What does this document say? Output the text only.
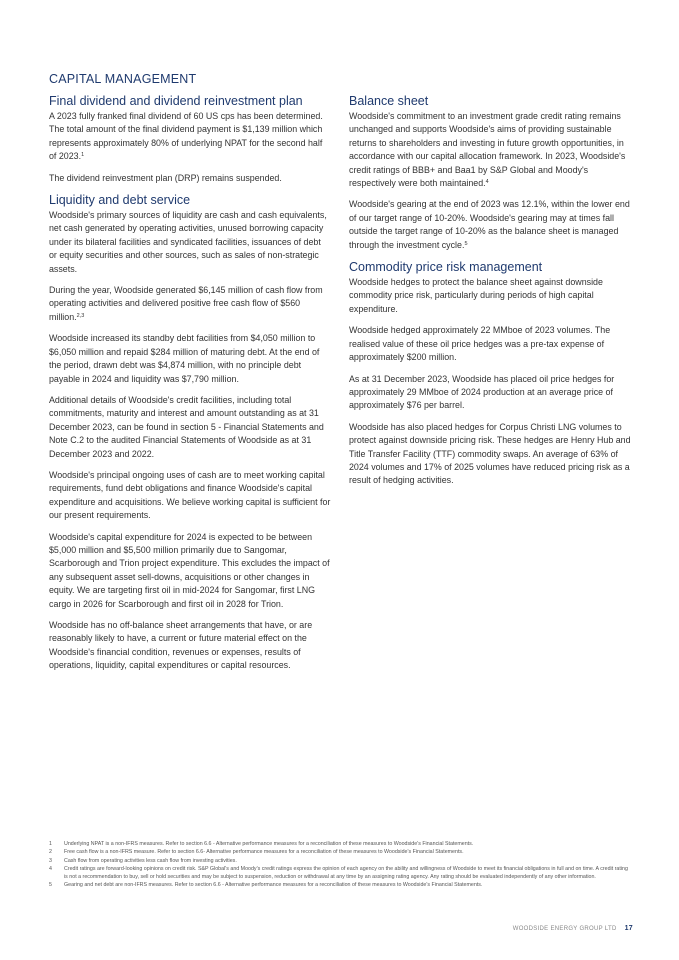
CAPITAL MANAGEMENT
Final dividend and dividend reinvestment plan

A 2023 fully franked final dividend of 60 US cps has been determined. The total amount of the final dividend payment is $1,139 million which represents approximately 80% of underlying NPAT for the second half of 2023.$^1$

The dividend reinvestment plan (DRP) remains suspended.

Liquidity and debt service

Woodside's primary sources of liquidity are cash and cash equivalents, net cash generated by operating activities, unused borrowing capacity under its bilateral facilities and syndicated facilities, issuances of debt or equity securities and other sources, such as sales of non-strategic assets.

During the year, Woodside generated $6,145 million of cash flow from operating activities and delivered positive free cash flow of $560 million.$^{2,3}$

Woodside increased its standby debt facilities from $4,050 million to $6,050 million and repaid $284 million of maturing debt. At the end of the period, drawn debt was $4,874 million, with no principle debt payable in 2024 and liquidity was $7,790 million.

Additional details of Woodside's credit facilities, including total commitments, maturity and interest and amount outstanding as at 31 December 2023, can be found in section 5 - Financial Statements and Note C.2 to the audited Financial Statements of Woodside as at 31 December 2023 and 2022.

Woodside's principal ongoing uses of cash are to meet working capital requirements, fund debt obligations and finance Woodside's capital expenditure and acquisitions. We believe working capital is sufficient for our present requirements.

Woodside's capital expenditure for 2024 is expected to be between $5,000 million and $5,500 million primarily due to Sangomar, Scarborough and Trion project expenditure. This excludes the impact of any subsequent asset sell-downs, acquisitions or other changes in equity. We are targeting first oil in mid-2024 for Sangomar, first LNG cargo in 2026 for Scarborough and first oil in 2028 for Trion.

Woodside has no off-balance sheet arrangements that have, or are reasonably likely to have, a current or future material effect on the Woodside's financial condition, revenues or expenses, results of operations, liquidity, capital expenditures or capital resources.

Balance sheet

Woodside's commitment to an investment grade credit rating remains unchanged and supports Woodside's aims of providing sustainable returns to shareholders and investing in future growth opportunities, in accordance with our capital allocation framework. In 2023, Woodside's credit ratings of BBB+ and Baa1 by S&P Global and Moody's respectively were both maintained.$^4$

Woodside's gearing at the end of 2023 was 12.1%, within the lower end of our target range of 10-20%. Woodside's gearing may at times fall outside the target range of 10-20% as the balance sheet is managed through the investment cycle.$^5$

Commodity price risk management

Woodside hedges to protect the balance sheet against downside commodity price risk, particularly during periods of high capital expenditure.

Woodside hedged approximately 22 MMboe of 2023 volumes. The realised value of these oil price hedges was a pre-tax expense of approximately $200 million.

As at 31 December 2023, Woodside has placed oil price hedges for approximately 29 MMboe of 2024 production at an average price of approximately $76 per barrel.

Woodside has also placed hedges for Corpus Christi LNG volumes to protect against downside pricing risk. These hedges are Henry Hub and Title Transfer Facility (TTF) commodity swaps. An average of 63% of 2024 volumes and 17% of 2025 volumes have reduced pricing risk as a result of hedging activities.

1	Underlying NPAT is a non-IFRS measures. Refer to section 6.6 - Alternative performance measures for a reconciliation of these measures to Woodside's Financial Statements.
2	Free cash flow is a non-IFRS measure. Refer to section 6.6- Alternative performance measures for a reconciliation of these measures to Woodside's Financial Statements.
3	Cash flow from operating activities less cash flow from investing activities.
4	Credit ratings are forward-looking opinions on credit risk. S&P Global's and Moody's credit ratings express the opinion of each agency on the ability and willingness of Woodside to meet its financial obligations in full and on time. A credit rating is not a recommendation to buy, sell or hold securities and may be subject to suspension, reduction or withdrawal at any time by an assigning rating agency. Any rating should be evaluated independently of any other information.
5	Gearing and net debt are non-IFRS measures. Refer to section 6.6 - Alternative performance measures for a reconciliation of these measures to Woodside's Financial Statements.
WOODSIDE ENERGY GROUP LTD 17
